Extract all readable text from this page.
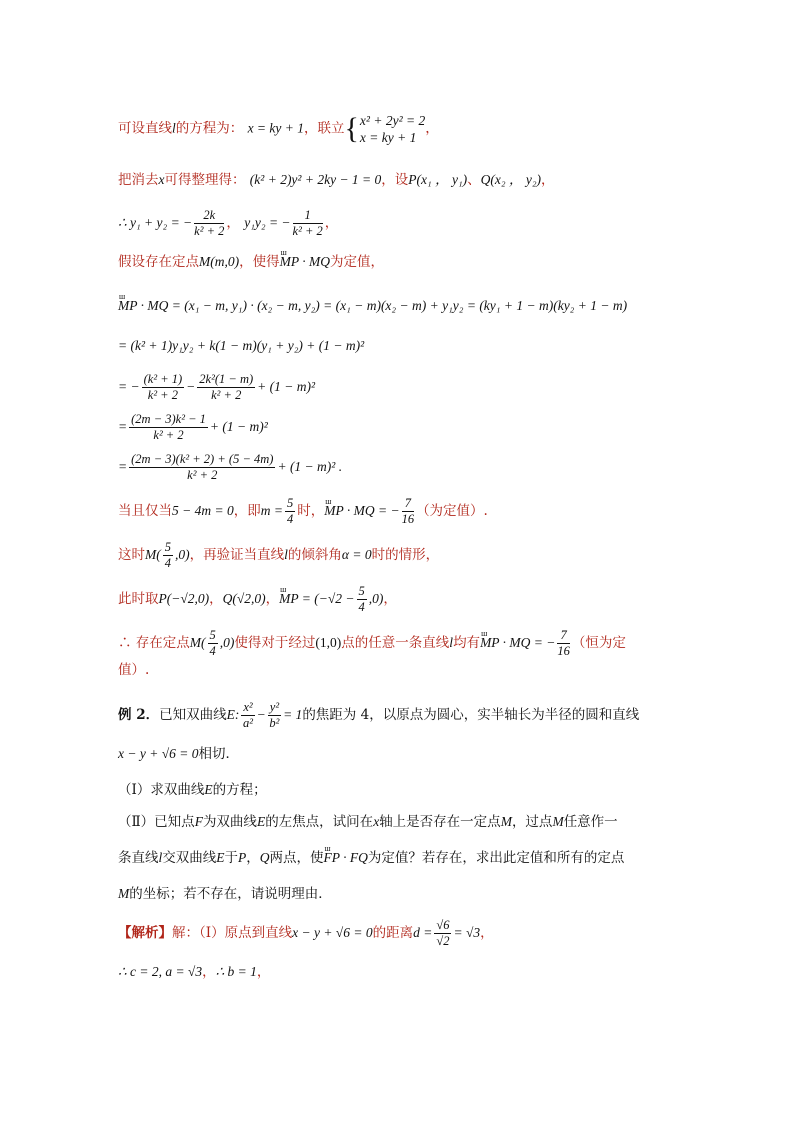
可设直线l的方程为： x = ky + 1，联立{ x² + 2y² = 2
x = ky + 1
，
把消去x可得整理得： (k² + 2)y² + 2ky − 1 = 0，设P(x₁ ， y₁)、Q(x₂ ， y₂)，
∴ y₁ + y₂ = − $\frac{2k}{\text{k² + 2}}$ ， y₁y₂ = − $\frac{1}{\text{k² + 2}}$ ，
假设存在定点M(m,0)，使得ш MP · MQ为定值，
ш MP · MQ = (x₁ − m, y₁) · (x₂ − m, y₂) = (x₁ − m)(x₂ − m) + y₁y₂ = (ky₁ + 1 − m)(ky₂ + 1 − m)
= (k² + 1)y₁y₂ + k(1 − m)(y₁ + y₂) + (1 − m)²
= − $\frac{\text{(k² + 1)}}{\text{k² + 2}} - \frac{\text{2k²(1 − m)}}{\text{k² + 2}} + (1 - m)^2$
= $\frac{\text{(2m − 3)k² − 1}}{\text{k² + 2}} + (1 - m)^2$
= $\frac{\text{(2m − 3)(k² + 2) + (5 − 4m)}}{\text{k² + 2}} + (1 - m)^2$ .
当且仅当5 − 4m = 0，即$m = \frac{5}{4}$ 时，ш MP · MQ = − $\frac{7}{16}$ （为定值）.
这时$M( \frac{5}{4} ,0)$，再验证当直线l的倾斜角α = 0时的情形，
此时取P(−√2,0)，Q(√2,0)，ш MP = $(-√2 - \frac{5}{4} ,0)$，
∴ 存在定点$M( \frac{5}{4} ,0)$使得对于经过(1,0)点的任意一条直线l均有ш MP · MQ = − $\frac{7}{16}$ （恒为定
值）.
例 2．已知双曲线E: $\frac{\text{x²}}{\text{a²}} - \frac{\text{y²}}{\text{b²}} = 1$的焦距为 4，以原点为圆心，实半轴长为半径的圆和直线
x − y + √6 = 0相切．
（Ⅰ）求双曲线E的方程；
（Ⅱ）已知点F为双曲线E的左焦点，试问在x轴上是否存在一定点M，过点M任意作一
条直线l交双曲线E于P，Q两点，使ш FP · FQ为定值？若存在，求出此定值和所有的定点
M的坐标；若不存在，请说明理由．
【解析】解：（Ⅰ）原点到直线x − y + √6 = 0的距离$d = \frac{√6}{√2} = √3$，
∴ c = 2, a = √3，∴ b = 1，
